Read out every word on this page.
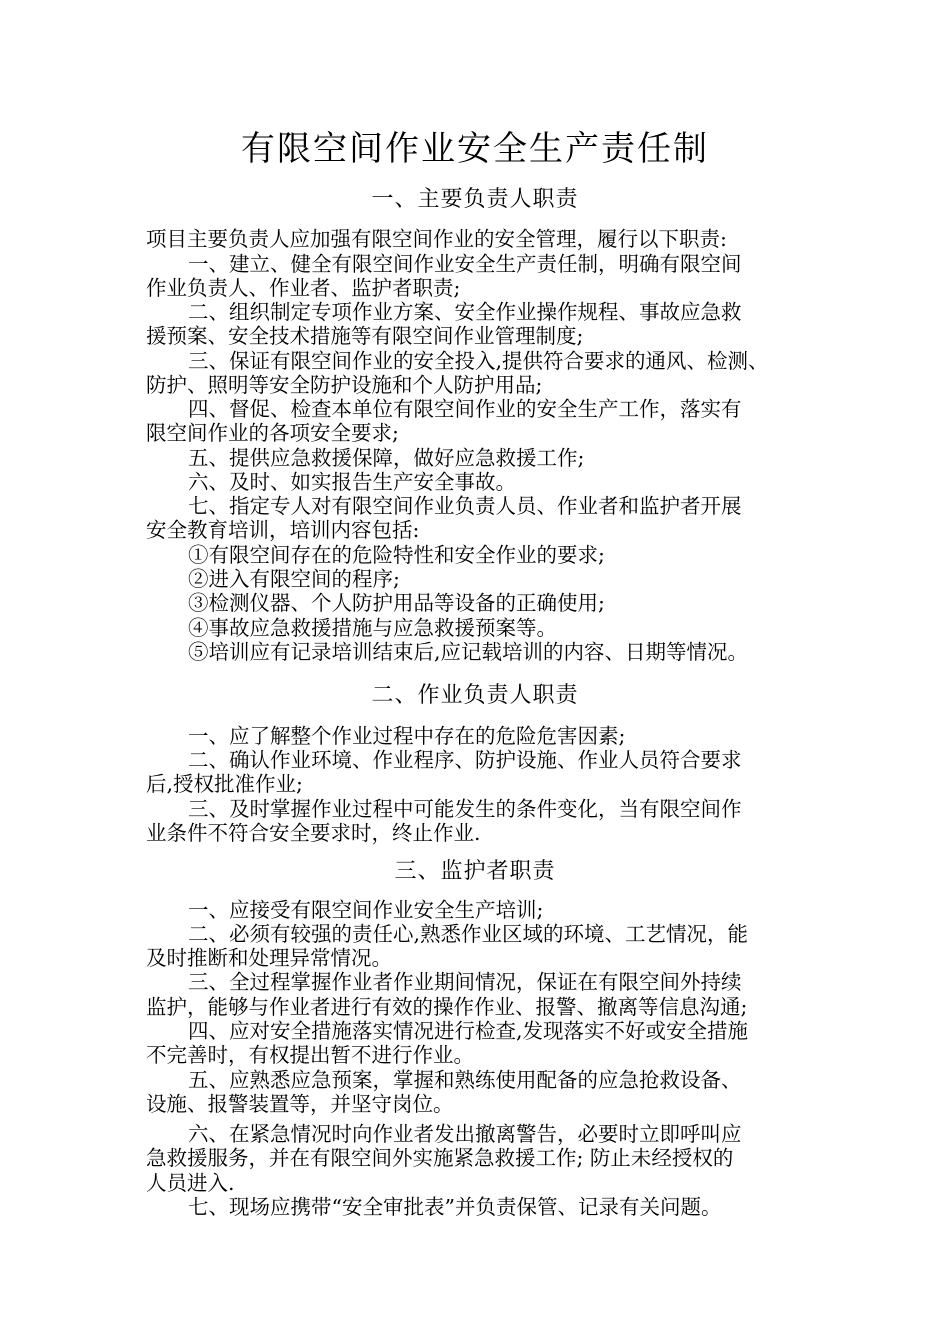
有限空间作业安全生产责任制
一、主要负责人职责
项目主要负责人应加强有限空间作业的安全管理，履行以下职责:
一、建立、健全有限空间作业安全生产责任制，明确有限空间
作业负责人、作业者、监护者职责;
二、组织制定专项作业方案、安全作业操作规程、事故应急救
援预案、安全技术措施等有限空间作业管理制度;
三、保证有限空间作业的安全投入,提供符合要求的通风、检测、
防护、照明等安全防护设施和个人防护用品;
四、督促、检查本单位有限空间作业的安全生产工作，落实有
限空间作业的各项安全要求;
五、提供应急救援保障，做好应急救援工作;
六、及时、如实报告生产安全事故。
七、指定专人对有限空间作业负责人员、作业者和监护者开展
安全教育培训，培训内容包括:
①有限空间存在的危险特性和安全作业的要求;
②进入有限空间的程序;
③检测仪器、个人防护用品等设备的正确使用;
④事故应急救援措施与应急救援预案等。
⑤培训应有记录培训结束后,应记载培训的内容、日期等情况。
二、作业负责人职责
一、应了解整个作业过程中存在的危险危害因素;
二、确认作业环境、作业程序、防护设施、作业人员符合要求
后,授权批准作业;
三、及时掌握作业过程中可能发生的条件变化，当有限空间作
业条件不符合安全要求时，终止作业.
三、监护者职责
一、应接受有限空间作业安全生产培训;
二、必须有较强的责任心,熟悉作业区域的环境、工艺情况，能
及时推断和处理异常情况。
三、全过程掌握作业者作业期间情况，保证在有限空间外持续
监护，能够与作业者进行有效的操作作业、报警、撤离等信息沟通;
四、应对安全措施落实情况进行检查,发现落实不好或安全措施
不完善时，有权提出暂不进行作业。
五、应熟悉应急预案，掌握和熟练使用配备的应急抢救设备、
设施、报警装置等，并坚守岗位。
六、在紧急情况时向作业者发出撤离警告，必要时立即呼叫应
急救援服务，并在有限空间外实施紧急救援工作; 防止未经授权的
人员进入.
七、现场应携带“安全审批表”并负责保管、记录有关问题。
